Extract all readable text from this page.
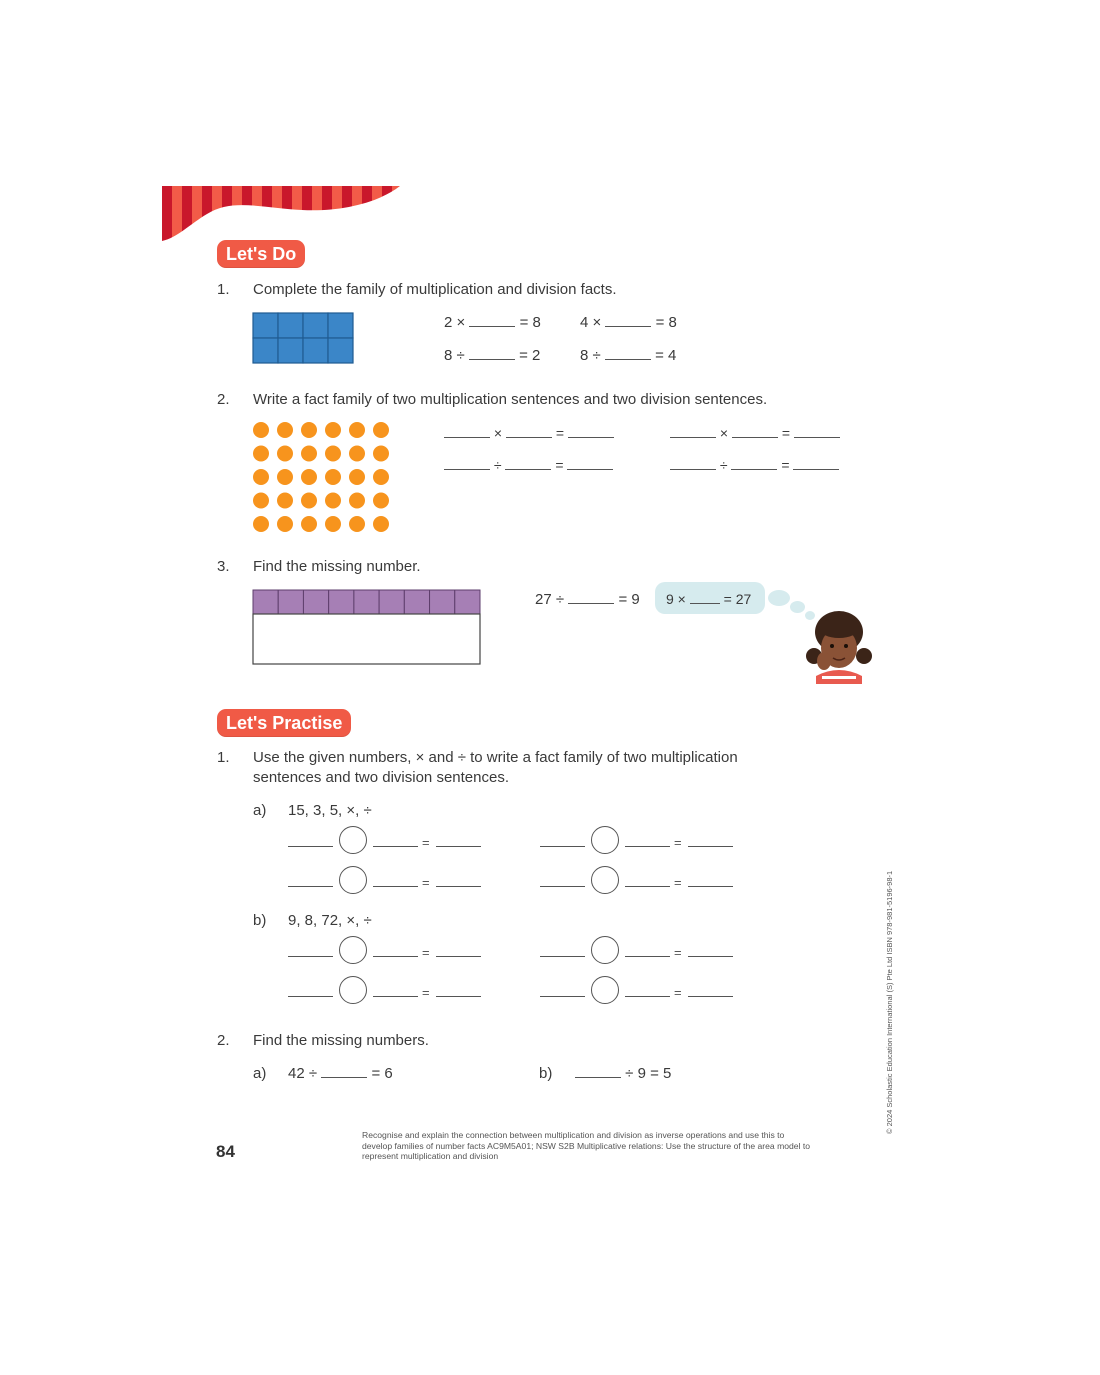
Let's Do
1. Complete the family of multiplication and division facts.
2 ×	= 8	4 ×	= 8
8 ÷	= 2	8 ÷	= 4
2. Write a fact family of two multiplication sentences and two division sentences.
×	=	×	=
÷	=	÷	=
3. Find the missing number.
27 ÷	= 9 9 ×	= 27
Let's Practise
1. Use the given numbers, × and ÷ to write a fact family of two multiplication
sentences and two division sentences.
a) 15, 3, 5, ×, ÷
b) 9, 8, 72, ×, ÷
=	=
=	=
=	=
=	=
2. Find the missing numbers.
a) 42 ÷	= 6	b)	÷ 9 = 5
84
Recognise and explain the connection between multiplication and division as inverse operations and use this to
develop families of number facts AC9M5A01; NSW S2B Multiplicative relations: Use the structure of the area model to
represent multiplication and division
© 2024 Scholastic Education International (S) Pte Ltd ISBN 978-981-5196-98-1
